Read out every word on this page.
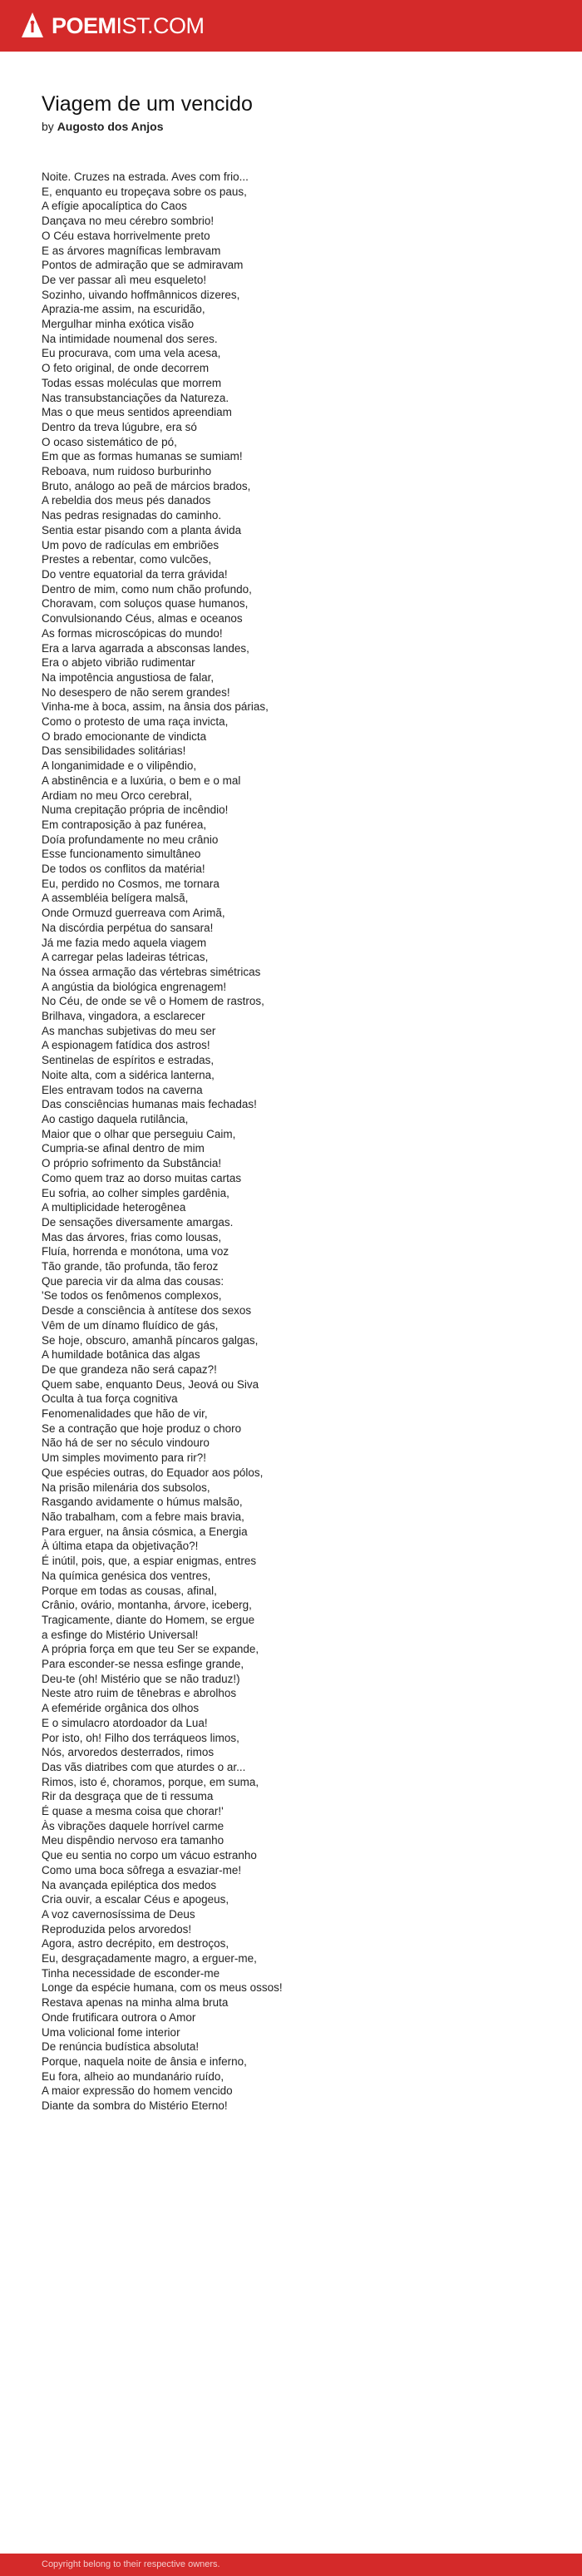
POEMIST.COM
Viagem de um vencido
by Augosto dos Anjos
Noite. Cruzes na estrada. Aves com frio...
E, enquanto eu tropeçava sobre os paus,
A efígie apocalíptica do Caos
Dançava no meu cérebro sombrio!
O Céu estava horrivelmente preto
E as árvores magníficas lembravam
Pontos de admiração que se admiravam
De ver passar alì meu esqueleto!
Sozinho, uivando hoffmânnicos dizeres,
Aprazia-me assim, na escuridão,
Mergulhar minha exótica visão
Na intimidade noumenal dos seres.
Eu procurava, com uma vela acesa,
O feto original, de onde decorrem
Todas essas moléculas que morrem
Nas transubstanciações da Natureza.
Mas o que meus sentidos apreendiam
Dentro da treva lúgubre, era só
O ocaso sistemático de pó,
Em que as formas humanas se sumiam!
Reboava, num ruidoso burburinho
Bruto, análogo ao peã de márcios brados,
A rebeldia dos meus pés danados
Nas pedras resignadas do caminho.
Sentia estar pisando com a planta ávida
Um povo de radículas em embriões
Prestes a rebentar, como vulcões,
Do ventre equatorial da terra grávida!
Dentro de mim, como num chão profundo,
Choravam, com soluços quase humanos,
Convulsionando Céus, almas e oceanos
As formas microscópicas do mundo!
Era a larva agarrada a absconsas landes,
Era o abjeto vibrião rudimentar
Na impotência angustiosa de falar,
No desespero de não serem grandes!
Vinha-me à boca, assim, na ânsia dos párias,
Como o protesto de uma raça invicta,
O brado emocionante de vindicta
Das sensibilidades solitárias!
A longanimidade e o vilipêndio,
A abstinência e a luxúria, o bem e o mal
Ardiam no meu Orco cerebral,
Numa crepitação própria de incêndio!
Em contraposição à paz funérea,
Doía profundamente no meu crânio
Esse funcionamento simultâneo
De todos os conflitos da matéria!
Eu, perdido no Cosmos, me tornara
A assembléia belígera malsã,
Onde Ormuzd guerreava com Arimã,
Na discórdia perpétua do sansara!
Já me fazia medo aquela viagem
A carregar pelas ladeiras tétricas,
Na óssea armação das vértebras simétricas
A angústia da biológica engrenagem!
No Céu, de onde se vê o Homem de rastros,
Brilhava, vingadora, a esclarecer
As manchas subjetivas do meu ser
A espionagem fatídica dos astros!
Sentinelas de espíritos e estradas,
Noite alta, com a sidérica lanterna,
Eles entravam todos na caverna
Das consciências humanas mais fechadas!
Ao castigo daquela rutilância,
Maior que o olhar que perseguiu Caim,
Cumpria-se afinal dentro de mim
O próprio sofrimento da Substância!
Como quem traz ao dorso muitas cartas
Eu sofria, ao colher simples gardênia,
A multiplicidade heterogênea
De sensações diversamente amargas.
Mas das árvores, frias como lousas,
Fluía, horrenda e monótona, uma voz
Tão grande, tão profunda, tão feroz
Que parecia vir da alma das cousas:
'Se todos os fenômenos complexos,
Desde a consciência à antítese dos sexos
Vêm de um dínamo fluídico de gás,
Se hoje, obscuro, amanhã píncaros galgas,
A humildade botânica das algas
De que grandeza não será capaz?!
Quem sabe, enquanto Deus, Jeová ou Siva
Oculta à tua força cognitiva
Fenomenalidades que hão de vir,
Se a contração que hoje produz o choro
Não há de ser no século vindouro
Um simples movimento para rir?!
Que espécies outras, do Equador aos pólos,
Na prisão milenária dos subsolos,
Rasgando avidamente o húmus malsão,
Não trabalham, com a febre mais bravia,
Para erguer, na ânsia cósmica, a Energia
À última etapa da objetivação?!
É inútil, pois, que, a espiar enigmas, entres
Na química genésica dos ventres,
Porque em todas as cousas, afinal,
Crânio, ovário, montanha, árvore, iceberg,
Tragicamente, diante do Homem, se ergue
a esfinge do Mistério Universal!
A própria força em que teu Ser se expande,
Para esconder-se nessa esfinge grande,
Deu-te (oh! Mistério que se não traduz!)
Neste atro ruim de tênebras e abrolhos
A efeméride orgânica dos olhos
E o simulacro atordoador da Lua!
Por isto, oh! Filho dos terráqueos limos,
Nós, arvoredos desterrados, rimos
Das vãs diatribes com que aturdes o ar...
Rimos, isto é, choramos, porque, em suma,
Rir da desgraça que de ti ressuma
É quase a mesma coisa que chorar!'
Às vibrações daquele horrível carme
Meu dispêndio nervoso era tamanho
Que eu sentia no corpo um vácuo estranho
Como uma boca sôfrega a esvaziar-me!
Na avançada epiléptica dos medos
Cria ouvir, a escalar Céus e apogeus,
A voz cavernosíssima de Deus
Reproduzida pelos arvoredos!
Agora, astro decrépito, em destroços,
Eu, desgraçadamente magro, a erguer-me,
Tinha necessidade de esconder-me
Longe da espécie humana, com os meus ossos!
Restava apenas na minha alma bruta
Onde frutificara outrora o Amor
Uma volicional fome interior
De renúncia budística absoluta!
Porque, naquela noite de ânsia e inferno,
Eu fora, alheio ao mundanário ruído,
A maior expressão do homem vencido
Diante da sombra do Mistério Eterno!
Copyright belong to their respective owners.
